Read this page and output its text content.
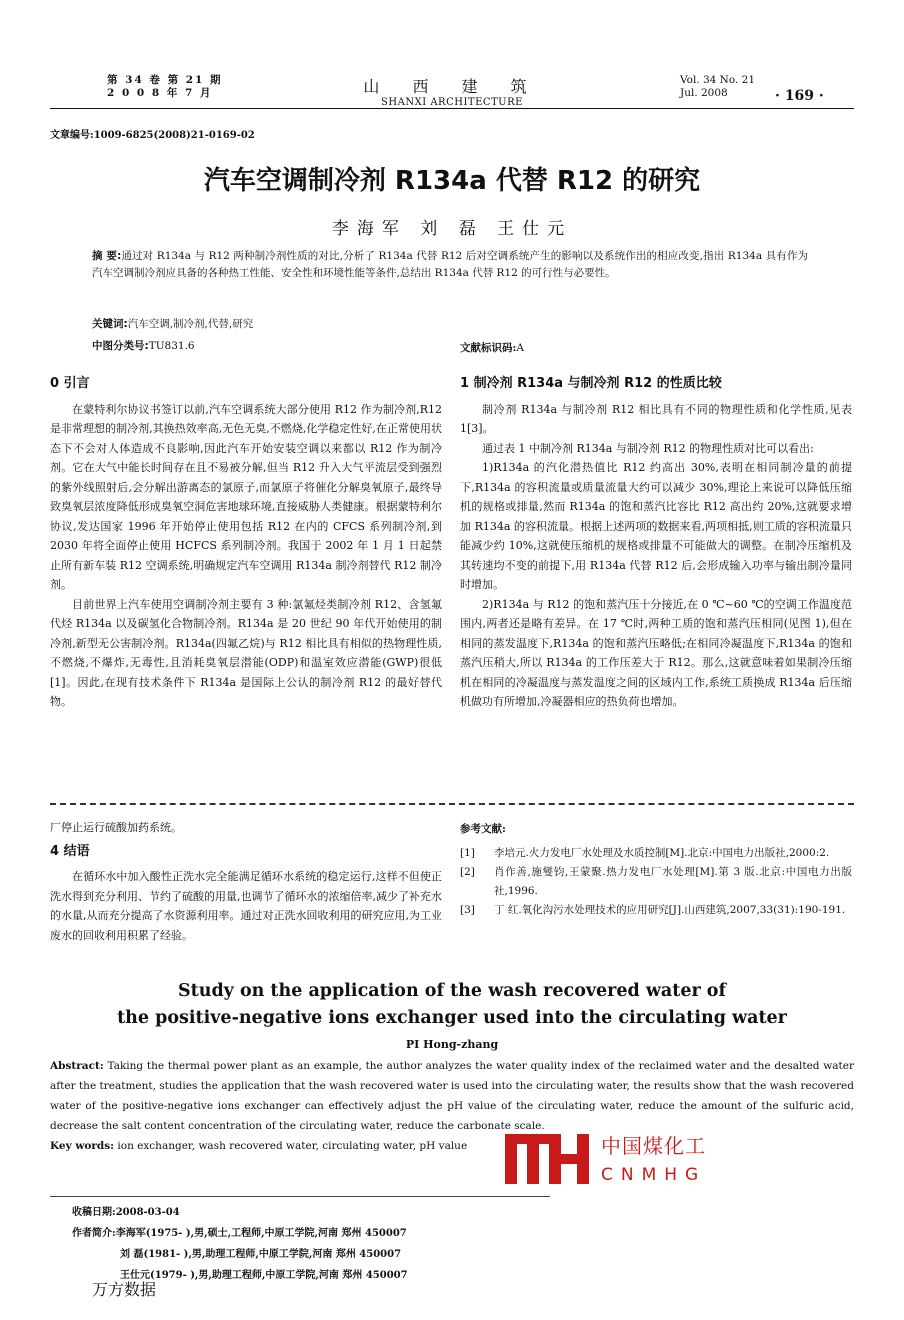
第 34 卷 第 21 期
2 0 0 8 年 7 月	山 西 建 筑
SHANXI ARCHITECTURE
Vol. 34 No. 21
Jul. 2008	· 169 ·
文章编号:1009-6825(2008)21-0169-02
汽车空调制冷剂 R134a 代替 R12 的研究
李海军 刘 磊 王仕元
摘 要:通过对 R134a 与 R12 两种制冷剂性质的对比,分析了 R134a 代替 R12 后对空调系统产生的影响以及系统作出的相应改变,指出 R134a 具有作为汽车空调制冷剂应具备的各种热工性能、安全性和环境性能等条件,总结出 R134a 代替 R12 的可行性与必要性。
关键词:汽车空调,制冷剂,代替,研究
中图分类号:TU831.6	文献标识码:A
0 引言

在蒙特利尔协议书签订以前,汽车空调系统大部分使用 R12 作为制冷剂,R12 是非常理想的制冷剂,其换热效率高,无色无臭,不燃烧,化学稳定性好,在正常使用状态下不会对人体造成不良影响,因此汽车开始安装空调以来都以 R12 作为制冷剂。它在大气中能长时间存在且不易被分解,但当 R12 升入大气平流层受到强烈的紫外线照射后,会分解出游离态的氯原子,而氯原子将催化分解臭氧原子,最终导致臭氧层浓度降低形成臭氧空洞危害地球环境,直接威胁人类健康。根据蒙特利尔协议,发达国家 1996 年开始停止使用包括 R12 在内的 CFCS 系列制冷剂,到 2030 年将全面停止使用 HCFCS 系列制冷剂。我国于 2002 年 1 月 1 日起禁止所有新车装 R12 空调系统,明确规定汽车空调用 R134a 制冷剂替代 R12 制冷剂。

目前世界上汽车使用空调制冷剂主要有 3 种:氯氟烃类制冷剂 R12、含氢氟代烃 R134a 以及碳氢化合物制冷剂。R134a 是 20 世纪 90 年代开始使用的制冷剂,新型无公害制冷剂。R134a(四氟乙烷)与 R12 相比具有相似的热物理性质,不燃烧,不爆炸,无毒性,且消耗臭氧层潜能(ODP)和温室效应潜能(GWP)很低[1]。因此,在现有技术条件下 R134a 是国际上公认的制冷剂 R12 的最好替代物。

1 制冷剂 R134a 与制冷剂 R12 的性质比较

制冷剂 R134a 与制冷剂 R12 相比具有不同的物理性质和化学性质,见表 1[3]。

通过表 1 中制冷剂 R134a 与制冷剂 R12 的物理性质对比可以看出:

1)R134a 的汽化潜热值比 R12 约高出 30%,表明在相同制冷量的前提下,R134a 的容积流量或质量流量大约可以减少 30%,理论上来说可以降低压缩机的规格或排量,然而 R134a 的饱和蒸汽比容比 R12 高出约 20%,这就要求增加 R134a 的容积流量。根据上述两项的数据来看,两项相抵,则工质的容积流量只能减少约 10%,这就使压缩机的规格或排量不可能做大的调整。在制冷压缩机及其转速均不变的前提下,用 R134a 代替 R12 后,会形成输入功率与输出制冷量同时增加。

2)R134a 与 R12 的饱和蒸汽压十分接近,在 0 ℃~60 ℃的空调工作温度范围内,两者还是略有差异。在 17 ℃时,两种工质的饱和蒸汽压相同(见图 1),但在相同的蒸发温度下,R134a 的饱和蒸汽压略低;在相同冷凝温度下,R134a 的饱和蒸汽压稍大,所以 R134a 的工作压差大于 R12。那么,这就意味着如果制冷压缩机在相同的冷凝温度与蒸发温度之间的区域内工作,系统工质换成 R134a 后压缩机做功有所增加,冷凝器相应的热负荷也增加。

厂停止运行硫酸加药系统。
4 结语

在循环水中加入酸性正洗水完全能满足循环水系统的稳定运行,这样不但使正洗水得到充分利用、节约了硫酸的用量,也调节了循环水的浓缩倍率,减少了补充水的水量,从而充分提高了水资源利用率。通过对正洗水回收利用的研究应用,为工业废水的回收利用积累了经验。

参考文献:
[1]	李培元.火力发电厂水处理及水质控制[M].北京:中国电力出版社,2000:2.
[2]	肖作善,施燮钧,王蒙聚.热力发电厂水处理[M].第 3 版.北京:中国电力出版社,1996.
[3]	丁 红.氧化沟污水处理技术的应用研究[J].山西建筑,2007,33(31):190-191.
Study on the application of the wash recovered water of
the positive-negative ions exchanger used into the circulating water
PI Hong-zhang
Abstract: Taking the thermal power plant as an example, the author analyzes the water quality index of the reclaimed water and the desalted water after the treatment, studies the application that the wash recovered water is used into the circulating water, the results show that the wash recovered water of the positive-negative ions exchanger can effectively adjust the pH value of the circulating water, reduce the amount of the sulfuric acid, decrease the salt content concentration of the circulating water, reduce the carbonate scale.
Key words: ion exchanger, wash recovered water, circulating water, pH value	中国煤化工
CNMHG
收稿日期:2008-03-04
作者简介:李海军(1975- ),男,硕士,工程师,中原工学院,河南 郑州 450007
刘 磊(1981- ),男,助理工程师,中原工学院,河南 郑州 450007
王仕元(1979- ),男,助理工程师,中原工学院,河南 郑州 450007
万方数据
